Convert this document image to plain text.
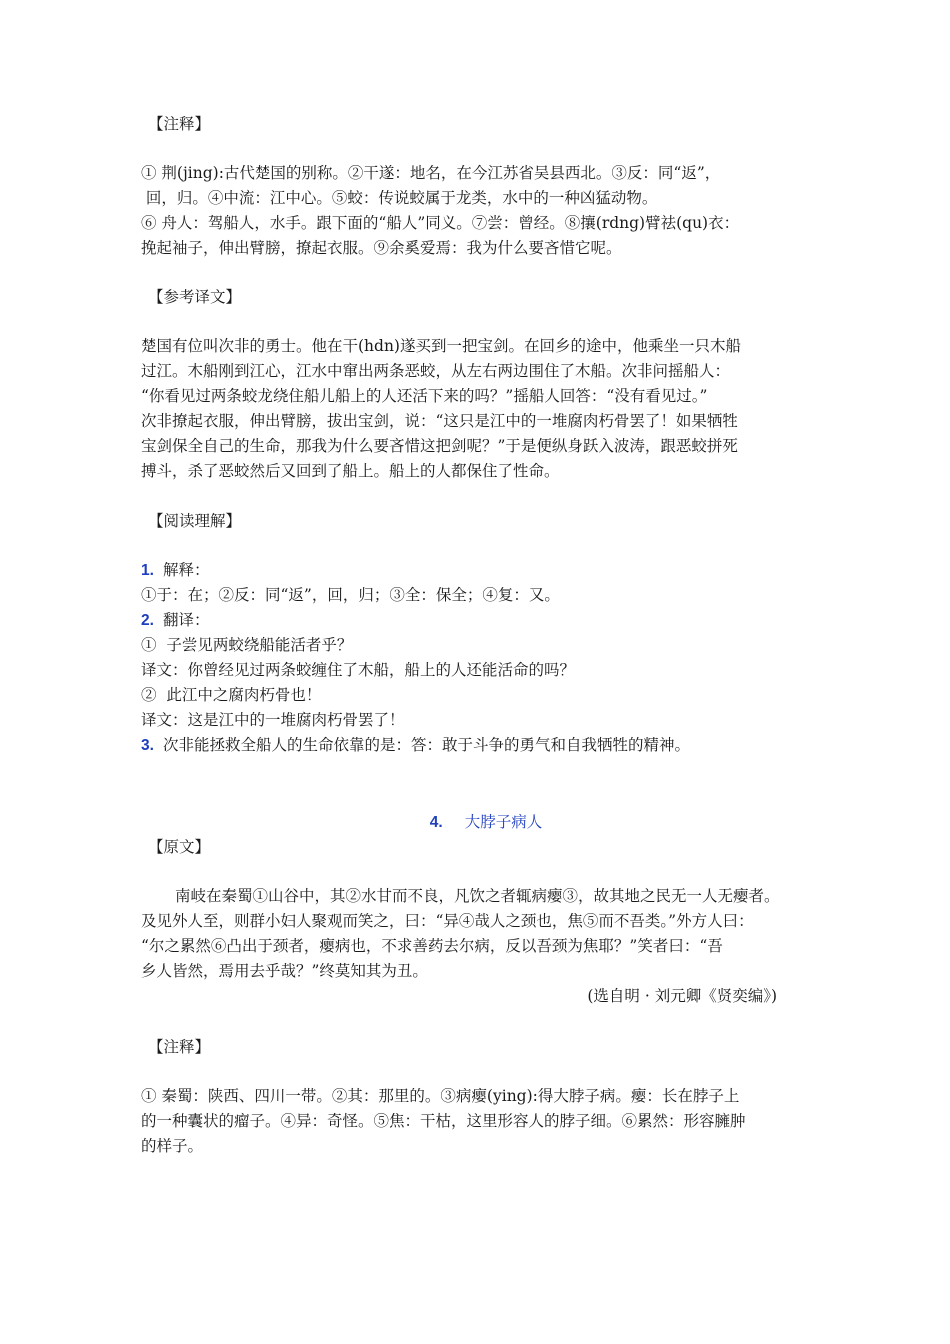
【注释】
① 荆(jing):古代楚国的别称。②干遂：地名，在今江苏省吴县西北。③反：同“返”，
回，归。④中流：江中心。⑤蛟：传说蛟属于龙类，水中的一种凶猛动物。
⑥ 舟人：驾船人，水手。跟下面的“船人”同义。⑦尝：曾经。⑧攘(rdng)臂祛(qu)衣：
挽起袖子，伸出臂膀，撩起衣服。⑨余奚爱焉：我为什么要吝惜它呢。
【参考译文】
楚国有位叫次非的勇士。他在干(hdn)遂买到一把宝剑。在回乡的途中，他乘坐一只木船
过江。木船刚到江心，江水中窜出两条恶蛟，从左右两边围住了木船。次非问摇船人：
“你看见过两条蛟龙绕住船儿船上的人还活下来的吗？”摇船人回答：“没有看见过。”
次非撩起衣服，伸出臂膀，拔出宝剑，说：“这只是江中的一堆腐肉朽骨罢了！如果牺牲
宝剑保全自己的生命，那我为什么要吝惜这把剑呢？”于是便纵身跃入波涛，跟恶蛟拼死
搏斗，杀了恶蛟然后又回到了船上。船上的人都保住了性命。
【阅读理解】
1. 解释：
①于：在；②反：同“返”，回，归；③全：保全；④复：又。
2. 翻译：
①  子尝见两蛟绕船能活者乎？
译文：你曾经见过两条蛟缠住了木船，船上的人还能活命的吗？
②  此江中之腐肉朽骨也！
译文：这是江中的一堆腐肉朽骨罢了！
3. 次非能拯救全船人的生命依靠的是：答：敢于斗争的勇气和自我牺牲的精神。
4. 大脖子病人
【原文】
南岐在秦蜀①山谷中，其②水甘而不良，凡饮之者辄病瘿③，故其地之民无一人无瘿者。
及见外人至，则群小妇人聚观而笑之，曰：“异④哉人之颈也，焦⑤而不吾类。”外方人曰：
“尔之累然⑥凸出于颈者，瘿病也，不求善药去尔病，反以吾颈为焦耶？”笑者曰：“吾
乡人皆然，焉用去乎哉？”终莫知其为丑。
(选自明 · 刘元卿《贤奕编》)
【注释】
① 秦蜀：陕西、四川一带。②其：那里的。③病瘿(ying):得大脖子病。瘿：长在脖子上
的一种囊状的瘤子。④异：奇怪。⑤焦：干枯，这里形容人的脖子细。⑥累然：形容臃肿
的样子。
